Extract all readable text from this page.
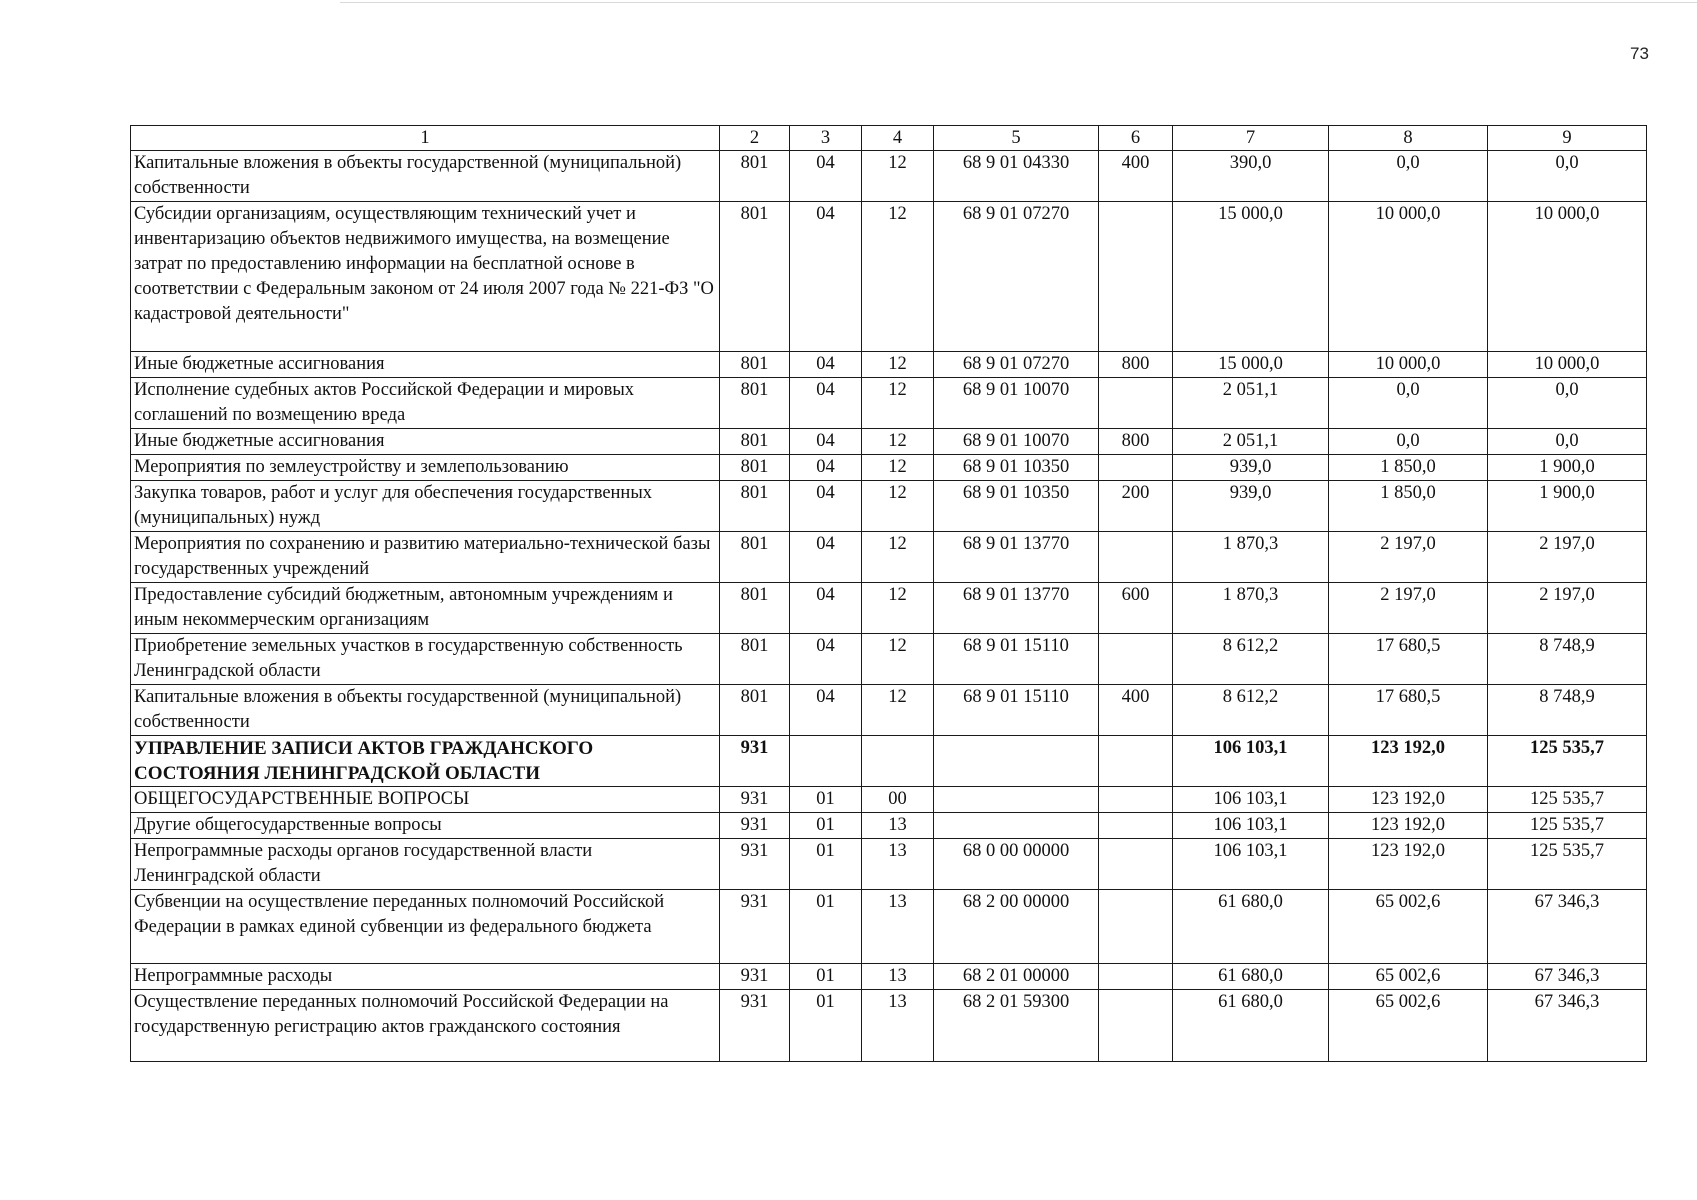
73
1	2	3	4	5	6	7	8	9
Капитальные вложения в объекты государственной (муниципальной) собственности	801	04	12	68 9 01 04330	400	390,0	0,0	0,0
Субсидии организациям, осуществляющим технический учет и инвентаризацию объектов недвижимого имущества, на возмещение затрат по предоставлению информации на бесплатной основе в соответствии с Федеральным законом от 24 июля 2007 года № 221-ФЗ "О кадастровой деятельности"	801	04	12	68 9 01 07270		15 000,0	10 000,0	10 000,0
Иные бюджетные ассигнования	801	04	12	68 9 01 07270	800	15 000,0	10 000,0	10 000,0
Исполнение судебных актов Российской Федерации и мировых соглашений по возмещению вреда	801	04	12	68 9 01 10070		2 051,1	0,0	0,0
Иные бюджетные ассигнования	801	04	12	68 9 01 10070	800	2 051,1	0,0	0,0
Мероприятия по землеустройству и землепользованию	801	04	12	68 9 01 10350		939,0	1 850,0	1 900,0
Закупка товаров, работ и услуг для обеспечения государственных (муниципальных) нужд	801	04	12	68 9 01 10350	200	939,0	1 850,0	1 900,0
Мероприятия по сохранению и развитию материально-технической базы государственных учреждений	801	04	12	68 9 01 13770		1 870,3	2 197,0	2 197,0
Предоставление субсидий бюджетным, автономным учреждениям и иным некоммерческим организациям	801	04	12	68 9 01 13770	600	1 870,3	2 197,0	2 197,0
Приобретение земельных участков в государственную собственность Ленинградской области	801	04	12	68 9 01 15110		8 612,2	17 680,5	8 748,9
Капитальные вложения в объекты государственной (муниципальной) собственности	801	04	12	68 9 01 15110	400	8 612,2	17 680,5	8 748,9
УПРАВЛЕНИЕ ЗАПИСИ АКТОВ ГРАЖДАНСКОГО СОСТОЯНИЯ ЛЕНИНГРАДСКОЙ ОБЛАСТИ	931					106 103,1	123 192,0	125 535,7
ОБЩЕГОСУДАРСТВЕННЫЕ ВОПРОСЫ	931	01	00			106 103,1	123 192,0	125 535,7
Другие общегосударственные вопросы	931	01	13			106 103,1	123 192,0	125 535,7
Непрограммные расходы органов государственной власти Ленинградской области	931	01	13	68 0 00 00000		106 103,1	123 192,0	125 535,7
Субвенции на осуществление переданных полномочий Российской Федерации в рамках единой субвенции из федерального бюджета	931	01	13	68 2 00 00000		61 680,0	65 002,6	67 346,3
Непрограммные расходы	931	01	13	68 2 01 00000		61 680,0	65 002,6	67 346,3
Осуществление переданных полномочий Российской Федерации на государственную регистрацию актов гражданского состояния	931	01	13	68 2 01 59300		61 680,0	65 002,6	67 346,3
